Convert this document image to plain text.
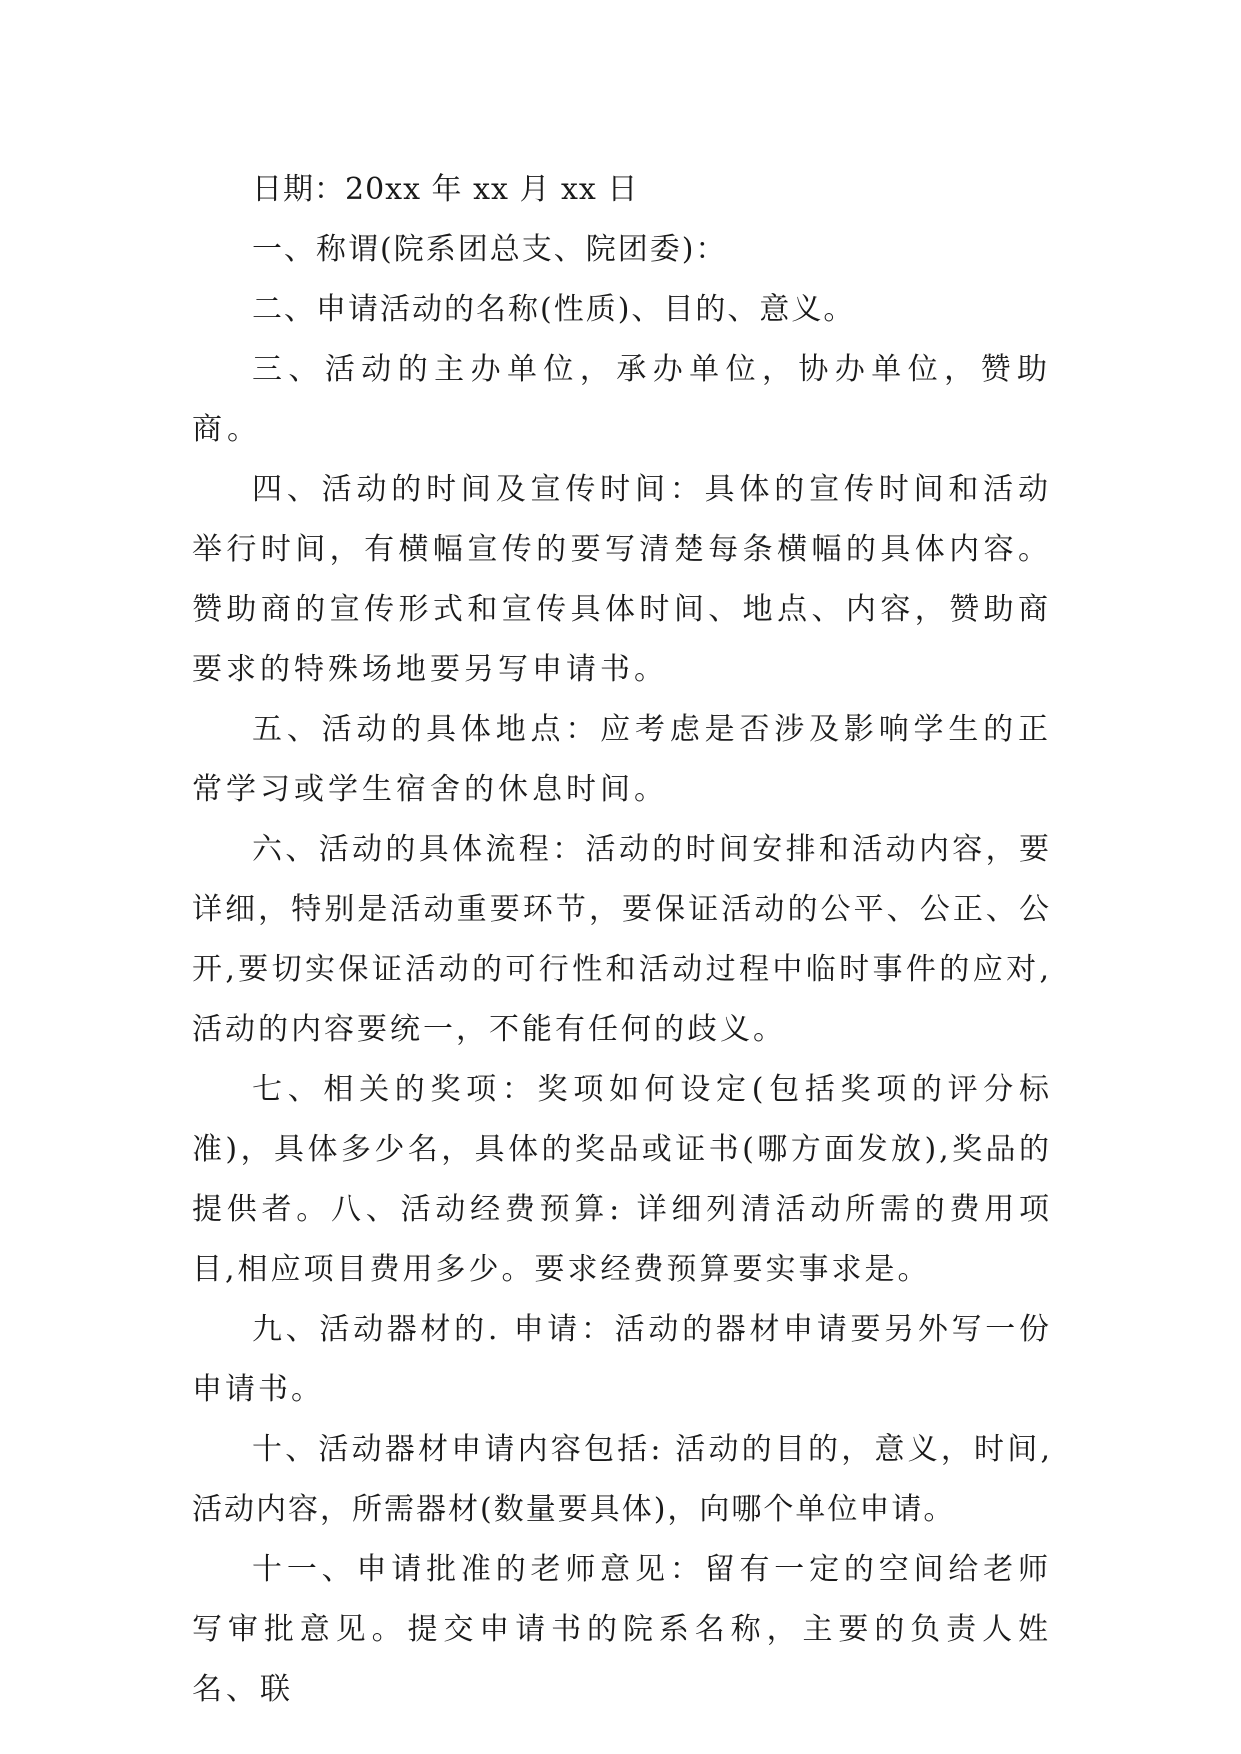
日期：20xx 年 xx 月 xx 日

一、称谓(院系团总支、院团委)：

二、申请活动的名称(性质)、目的、意义。

三、活动的主办单位，承办单位，协办单位，赞助商。

四、活动的时间及宣传时间：具体的宣传时间和活动举行时间，有横幅宣传的要写清楚每条横幅的具体内容。赞助商的宣传形式和宣传具体时间、地点、内容，赞助商要求的特殊场地要另写申请书。

五、活动的具体地点：应考虑是否涉及影响学生的正常学习或学生宿舍的休息时间。

六、活动的具体流程：活动的时间安排和活动内容，要详细，特别是活动重要环节，要保证活动的公平、公正、公开,要切实保证活动的可行性和活动过程中临时事件的应对,活动的内容要统一，不能有任何的歧义。

七、相关的奖项：奖项如何设定(包括奖项的评分标准)，具体多少名，具体的奖品或证书(哪方面发放),奖品的提供者。八、活动经费预算: 详细列清活动所需的费用项目,相应项目费用多少。要求经费预算要实事求是。

九、活动器材的. 申请：活动的器材申请要另外写一份申请书。

十、活动器材申请内容包括: 活动的目的，意义，时间,活动内容，所需器材(数量要具体)，向哪个单位申请。

十一、申请批准的老师意见：留有一定的空间给老师写审批意见。提交申请书的院系名称，主要的负责人姓名、联
